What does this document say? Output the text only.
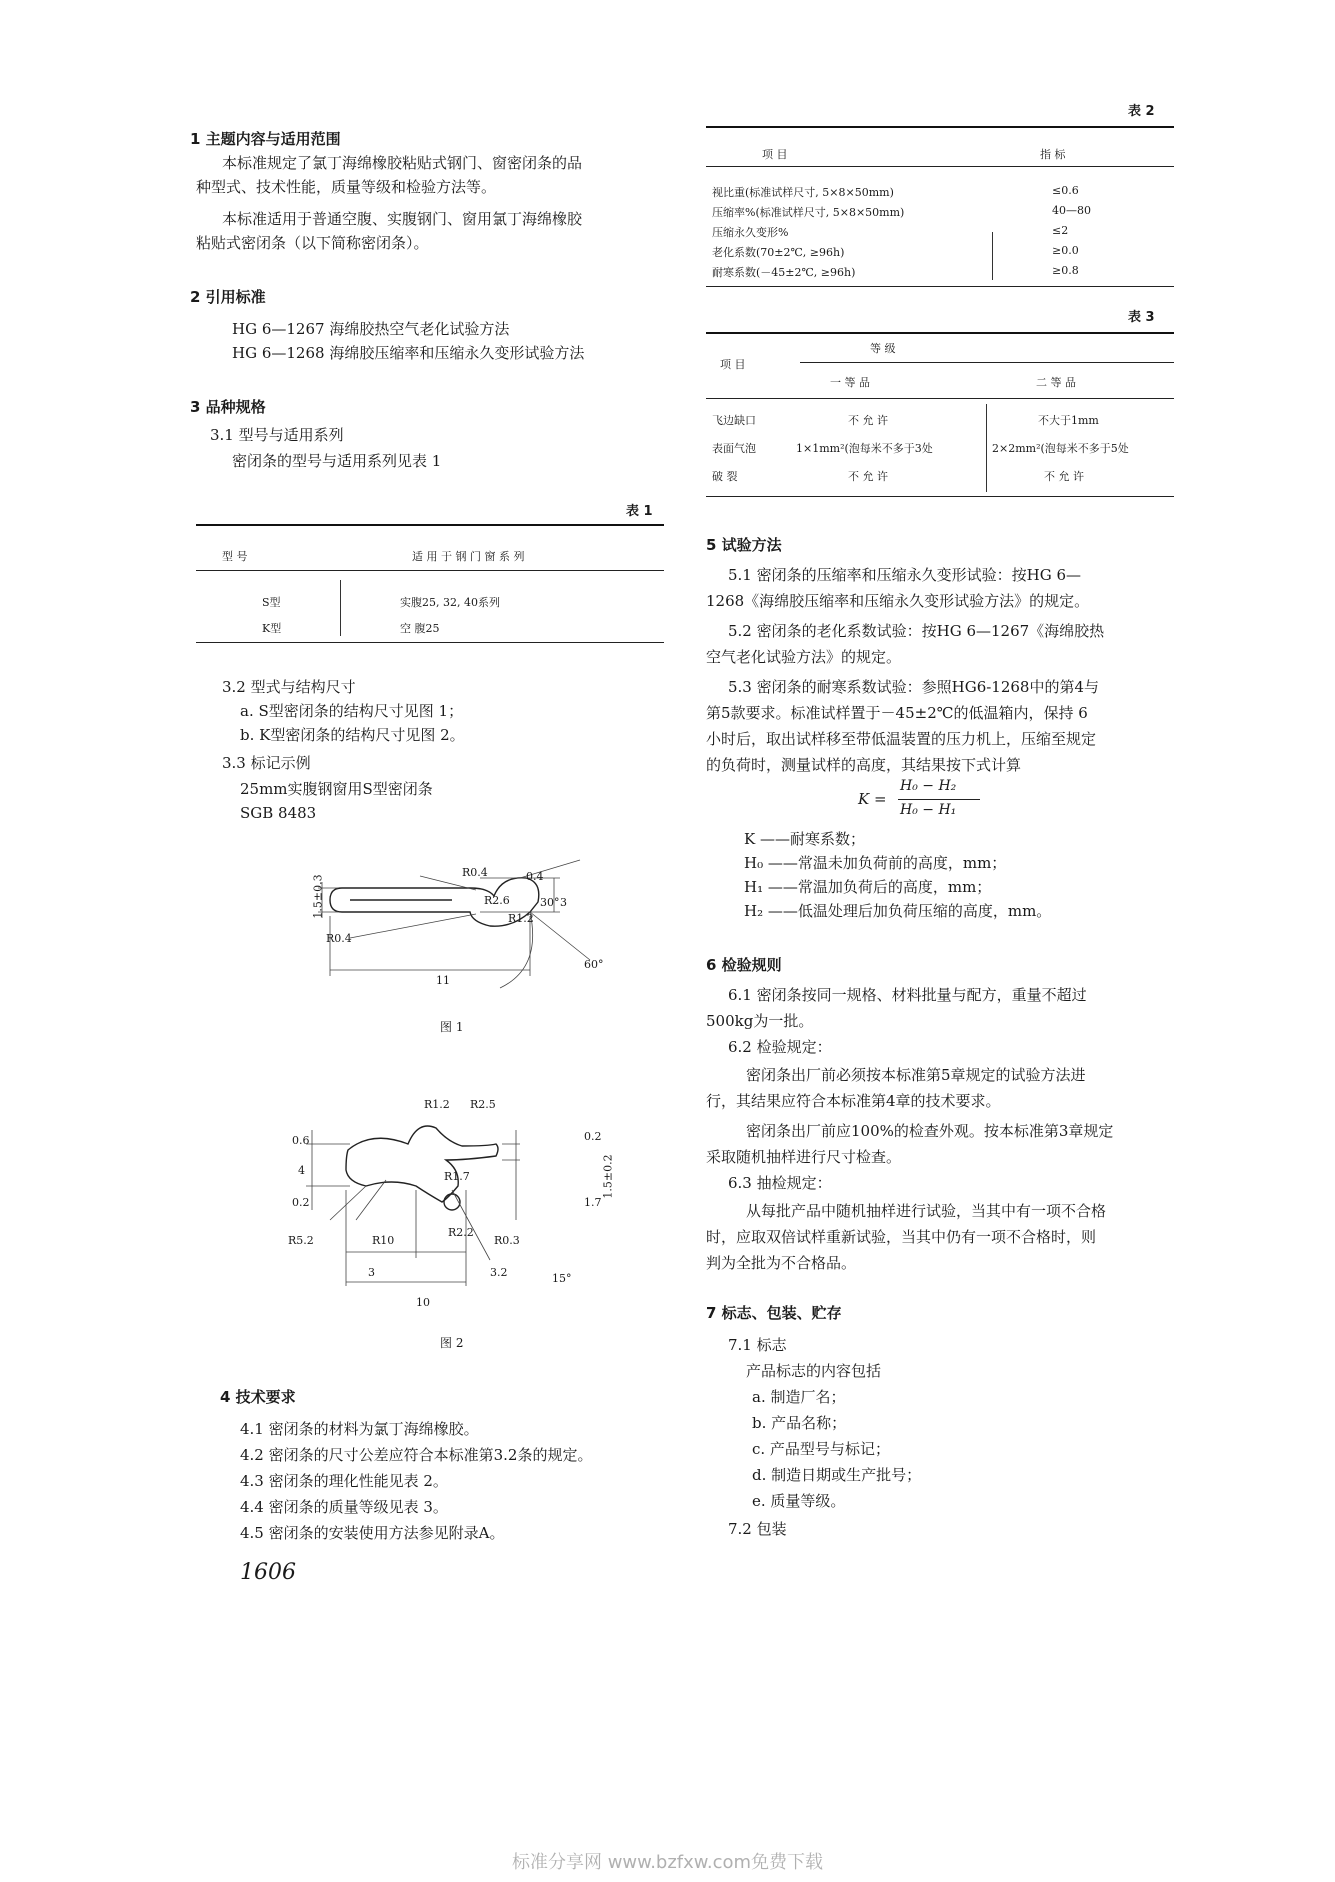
1 主题内容与适用范围
本标准规定了氯丁海绵橡胶粘贴式钢门、窗密闭条的品
种型式、技术性能，质量等级和检验方法等。
本标准适用于普通空腹、实腹钢门、窗用氯丁海绵橡胶
粘贴式密闭条（以下简称密闭条）。
2 引用标准
HG 6—1267 海绵胶热空气老化试验方法
HG 6—1268 海绵胶压缩率和压缩永久变形试验方法
3 品种规格
3.1 型号与适用系列
密闭条的型号与适用系列见表 1
表 1
型 号	适 用 于 钢 门 窗 系 列
S型	实腹25, 32, 40系列
K型	空 腹25
3.2 型式与结构尺寸
a. S型密闭条的结构尺寸见图 1；
b. K型密闭条的结构尺寸见图 2。
3.3 标记示例
25mm实腹钢窗用S型密闭条
SGB 8483
R0.4
1.5±0.3	0.4
R2.6	30°
R1.2
3
R0.4
60°
11
图 1
R1.2 R2.5
0.6
4	R1.7
0.2
1.5±0.2
0.2	1.7
R5.2	R10
R2.2
R0.3
3	3.2	15°
10
图 2
4 技术要求
4.1 密闭条的材料为氯丁海绵橡胶。
4.2 密闭条的尺寸公差应符合本标准第3.2条的规定。
4.3 密闭条的理化性能见表 2。
4.4 密闭条的质量等级见表 3。
4.5 密闭条的安装使用方法参见附录A。
1606
表 2
项 目	指 标
视比重(标准试样尺寸, 5×8×50mm)	≤0.6
压缩率%(标准试样尺寸, 5×8×50mm)	40—80
压缩永久变形%	≤2
老化系数(70±2℃, ≥96h)	≥0.0
耐寒系数(－45±2℃, ≥96h)	≥0.8
表 3
项 目
等 级
一 等 品	二 等 品
飞边缺口	不 允 许	不大于1mm
表面气泡	1×1mm²(泡每米不多于3处	2×2mm²(泡每米不多于5处
破 裂	不 允 许	不 允 许
5 试验方法
5.1 密闭条的压缩率和压缩永久变形试验：按HG 6—
1268《海绵胶压缩率和压缩永久变形试验方法》的规定。
5.2 密闭条的老化系数试验：按HG 6—1267《海绵胶热
空气老化试验方法》的规定。
5.3 密闭条的耐寒系数试验：参照HG6-1268中的第4与
第5款要求。标准试样置于－45±2℃的低温箱内，保持 6
小时后，取出试样移至带低温装置的压力机上，压缩至规定
的负荷时，测量试样的高度，其结果按下式计算
K =
H₀ − H₂
H₀ − H₁
K ——耐寒系数；
H₀ ——常温未加负荷前的高度，mm；
H₁ ——常温加负荷后的高度，mm；
H₂ ——低温处理后加负荷压缩的高度，mm。
6 检验规则
6.1 密闭条按同一规格、材料批量与配方，重量不超过
500kg为一批。
6.2 检验规定：
密闭条出厂前必须按本标准第5章规定的试验方法进
行，其结果应符合本标准第4章的技术要求。
密闭条出厂前应100%的检查外观。按本标准第3章规定
采取随机抽样进行尺寸检查。
6.3 抽检规定：
从每批产品中随机抽样进行试验，当其中有一项不合格
时，应取双倍试样重新试验，当其中仍有一项不合格时，则
判为全批为不合格品。
7 标志、包装、贮存
7.1 标志
产品标志的内容包括
a. 制造厂名；
b. 产品名称；
c. 产品型号与标记；
d. 制造日期或生产批号；
e. 质量等级。
7.2 包装
标准分享网 www.bzfxw.com免费下载
